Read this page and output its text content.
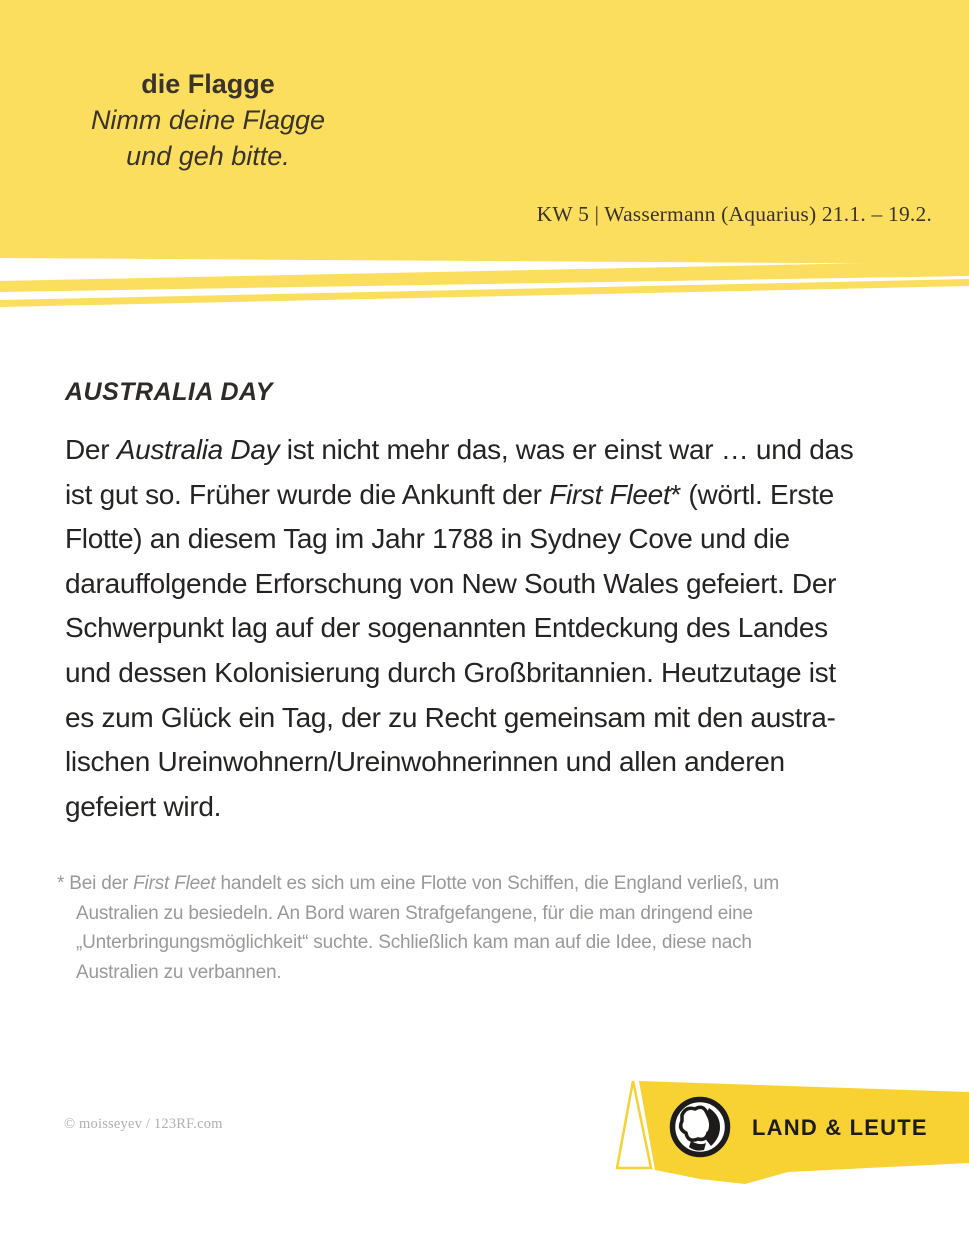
die Flagge
Nimm deine Flagge
und geh bitte.
KW 5 | Wassermann (Aquarius) 21.1. – 19.2.
AUSTRALIA DAY
Der Australia Day ist nicht mehr das, was er einst war … und das
ist gut so. Früher wurde die Ankunft der First Fleet* (wörtl. Erste
Flotte) an diesem Tag im Jahr 1788 in Sydney Cove und die
darauffolgende Erforschung von New South Wales gefeiert. Der
Schwerpunkt lag auf der sogenannten Entdeckung des Landes
und dessen Kolonisierung durch Großbritannien. Heutzutage ist
es zum Glück ein Tag, der zu Recht gemeinsam mit den austra-
lischen Ureinwohnern/Ureinwohnerinnen und allen anderen
gefeiert wird.
* Bei der First Fleet handelt es sich um eine Flotte von Schiffen, die England verließ, um
Australien zu besiedeln. An Bord waren Strafgefangene, für die man dringend eine
„Unterbringungsmöglichkeit“ suchte. Schließlich kam man auf die Idee, diese nach
Australien zu verbannen.
© moisseyev / 123RF.com	LAND & LEUTE
